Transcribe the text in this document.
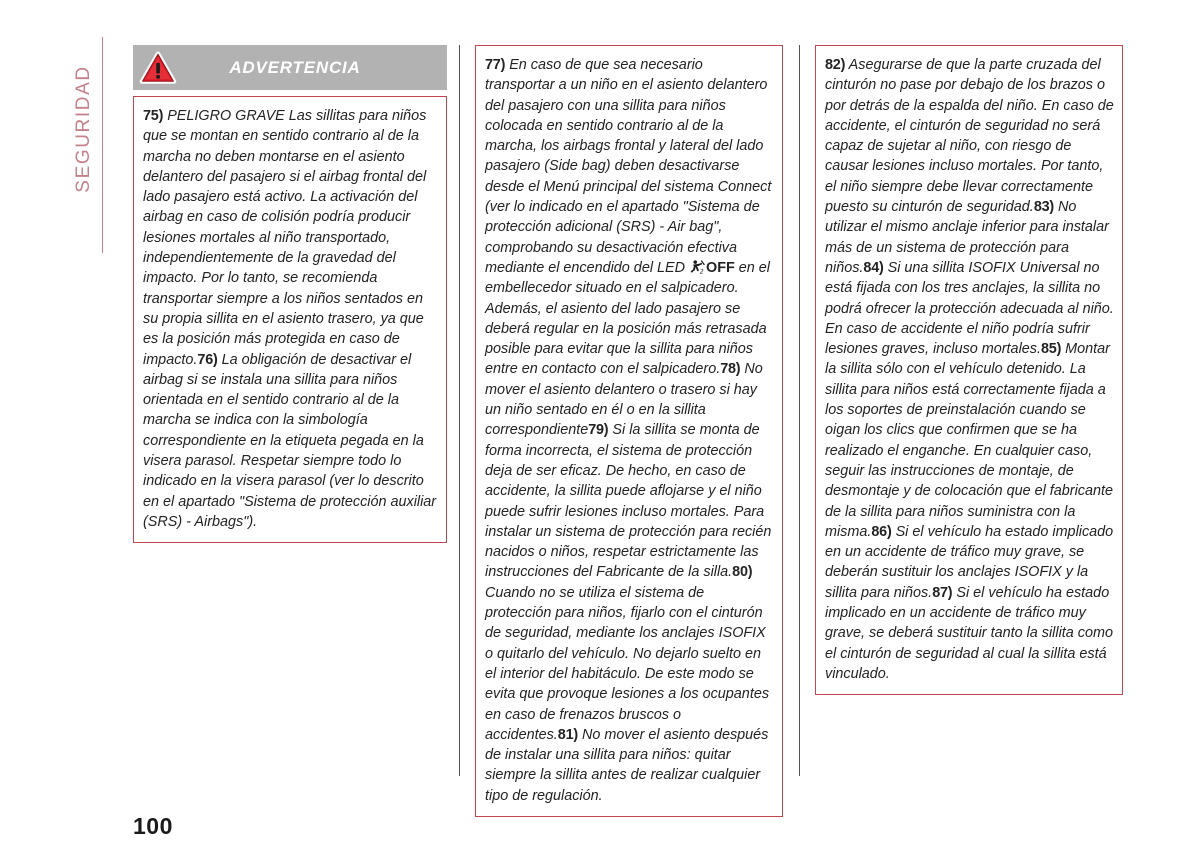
SEGURIDAD	ADVERTENCIA

75) PELIGRO GRAVE Las sillitas para niños que se montan en sentido contrario al de la marcha no deben montarse en el asiento delantero del pasajero si el airbag frontal del lado pasajero está activo. La activación del airbag en caso de colisión podría producir lesiones mortales al niño transportado, independientemente de la gravedad del impacto. Por lo tanto, se recomienda transportar siempre a los niños sentados en su propia sillita en el asiento trasero, ya que es la posición más protegida en caso de impacto.76) La obligación de desactivar el airbag si se instala una sillita para niños orientada en el sentido contrario al de la marcha se indica con la simbología correspondiente en la etiqueta pegada en la visera parasol. Respetar siempre todo lo indicado en la visera parasol (ver lo descrito en el apartado "Sistema de protección auxiliar (SRS) - Airbags").

77) En caso de que sea necesario transportar a un niño en el asiento delantero del pasajero con una sillita para niños colocada en sentido contrario al de la marcha, los airbags frontal y lateral del lado pasajero (Side bag) deben desactivarse desde el Menú principal del sistema Connect (ver lo indicado en el apartado "Sistema de protección adicional (SRS) - Air bag", comprobando su desactivación efectiva mediante el encendido del LED 2 OFF en el embellecedor situado en el salpicadero. Además, el asiento del lado pasajero se deberá regular en la posición más retrasada posible para evitar que la sillita para niños entre en contacto con el salpicadero.78) No mover el asiento delantero o trasero si hay un niño sentado en él o en la sillita correspondiente79) Si la sillita se monta de forma incorrecta, el sistema de protección deja de ser eficaz. De hecho, en caso de accidente, la sillita puede aflojarse y el niño puede sufrir lesiones incluso mortales. Para instalar un sistema de protección para recién nacidos o niños, respetar estrictamente las instrucciones del Fabricante de la silla.80) Cuando no se utiliza el sistema de protección para niños, fijarlo con el cinturón de seguridad, mediante los anclajes ISOFIX o quitarlo del vehículo. No dejarlo suelto en el interior del habitáculo. De este modo se evita que provoque lesiones a los ocupantes en caso de frenazos bruscos o accidentes.81) No mover el asiento después de instalar una sillita para niños: quitar siempre la sillita antes de realizar cualquier tipo de regulación.

82) Asegurarse de que la parte cruzada del cinturón no pase por debajo de los brazos o por detrás de la espalda del niño. En caso de accidente, el cinturón de seguridad no será capaz de sujetar al niño, con riesgo de causar lesiones incluso mortales. Por tanto, el niño siempre debe llevar correctamente puesto su cinturón de seguridad.83) No utilizar el mismo anclaje inferior para instalar más de un sistema de protección para niños.84) Si una sillita ISOFIX Universal no está fijada con los tres anclajes, la sillita no podrá ofrecer la protección adecuada al niño. En caso de accidente el niño podría sufrir lesiones graves, incluso mortales.85) Montar la sillita sólo con el vehículo detenido. La sillita para niños está correctamente fijada a los soportes de preinstalación cuando se oigan los clics que confirmen que se ha realizado el enganche. En cualquier caso, seguir las instrucciones de montaje, de desmontaje y de colocación que el fabricante de la sillita para niños suministra con la misma.86) Si el vehículo ha estado implicado en un accidente de tráfico muy grave, se deberán sustituir los anclajes ISOFIX y la sillita para niños.87) Si el vehículo ha estado implicado en un accidente de tráfico muy grave, se deberá sustituir tanto la sillita como el cinturón de seguridad al cual la sillita está vinculado.

100
